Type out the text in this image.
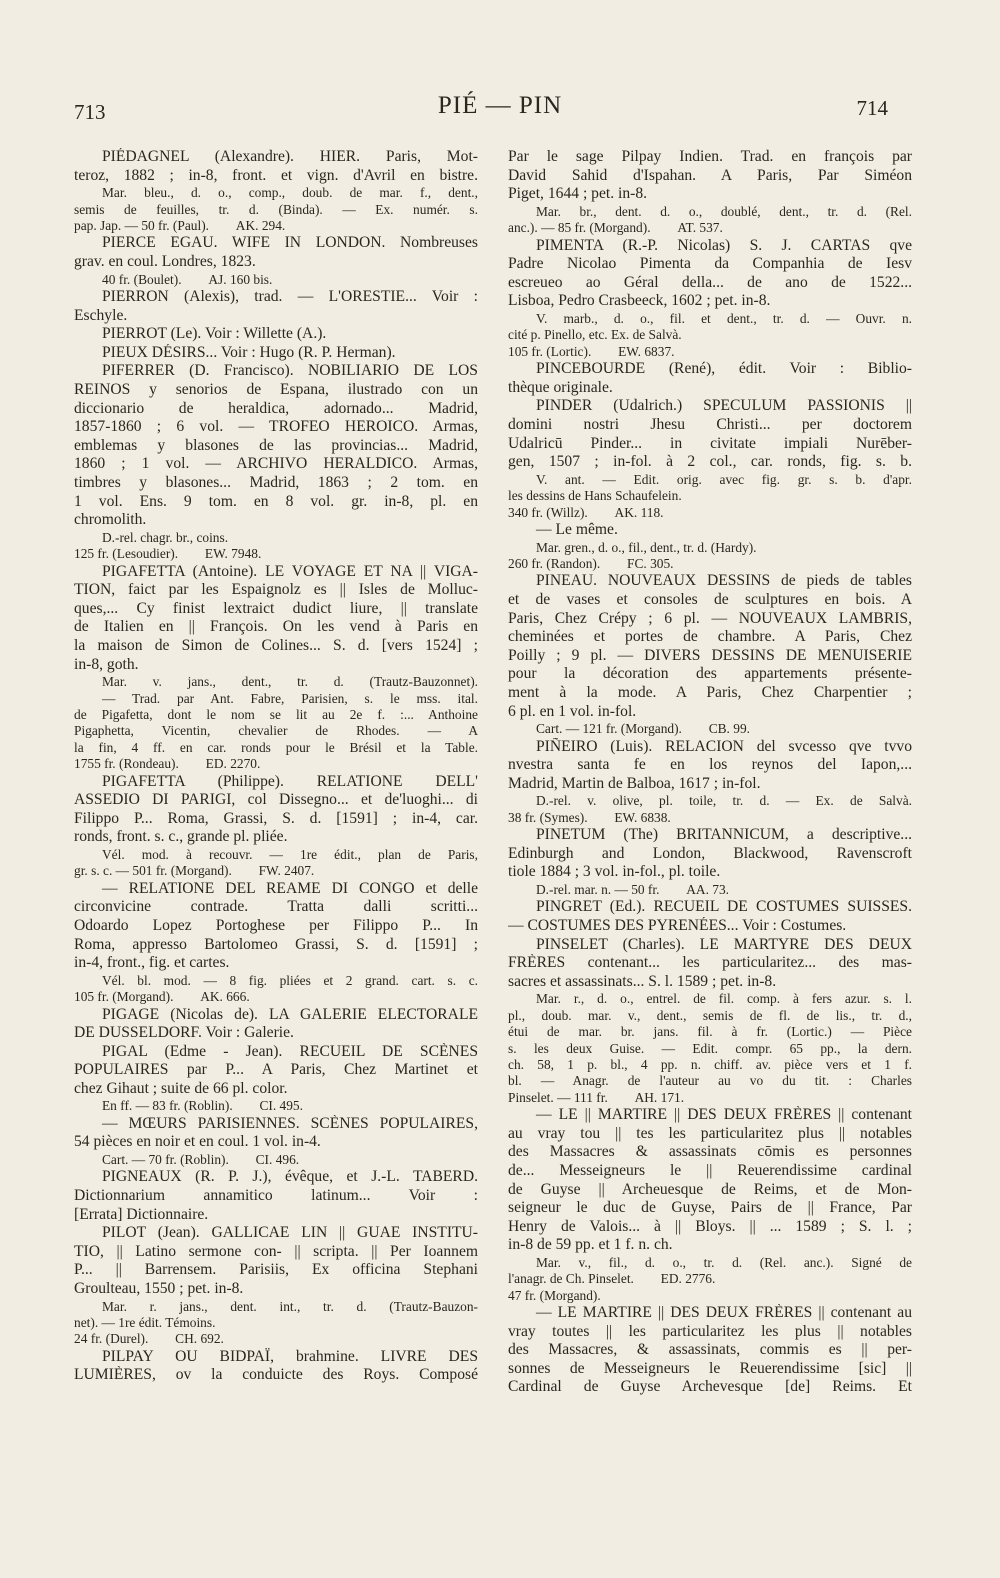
713	PIÉ — PIN	714
PIÉDAGNEL (Alexandre). HIER. Paris, Mot-
teroz, 1882 ; in-8, front. et vign. d'Avril en bistre.
Mar. bleu., d. o., comp., doub. de mar. f., dent.,
semis de feuilles, tr. d. (Binda). — Ex. numér. s.
pap. Jap. — 50 fr. (Paul).  AK. 294.
PIERCE EGAU. WIFE IN LONDON. Nombreuses
grav. en coul. Londres, 1823.
40 fr. (Boulet).  AJ. 160 bis.
PIERRON (Alexis), trad. — L'ORESTIE... Voir :
Eschyle.
PIERROT (Le). Voir : Willette (A.).
PIEUX DÉSIRS... Voir : Hugo (R. P. Herman).
PIFERRER (D. Francisco). NOBILIARIO DE LOS
REINOS y senorios de Espana, ilustrado con un
diccionario de heraldica, adornado... Madrid,
1857-1860 ; 6 vol. — TROFEO HEROICO. Armas,
emblemas y blasones de las provincias... Madrid,
1860 ; 1 vol. — ARCHIVO HERALDICO. Armas,
timbres y blasones... Madrid, 1863 ; 2 tom. en
1 vol. Ens. 9 tom. en 8 vol. gr. in-8, pl. en
chromolith.
D.-rel. chagr. br., coins.
125 fr. (Lesoudier).  EW. 7948.
PIGAFETTA (Antoine). LE VOYAGE ET NA || VIGA-
TION, faict par les Espaignolz es || Isles de Molluc-
ques,... Cy finist lextraict dudict liure, || translate
de Italien en || François. On les vend à Paris en
la maison de Simon de Colines... S. d. [vers 1524] ;
in-8, goth.
Mar. v. jans., dent., tr. d. (Trautz-Bauzonnet).
— Trad. par Ant. Fabre, Parisien, s. le mss. ital.
de Pigafetta, dont le nom se lit au 2e f. :... Anthoine
Pigaphetta, Vicentin, chevalier de Rhodes. — A
la fin, 4 ff. en car. ronds pour le Brésil et la Table.
1755 fr. (Rondeau).  ED. 2270.
PIGAFETTA (Philippe). RELATIONE DELL'
ASSEDIO DI PARIGI, col Dissegno... et de'luoghi... di
Filippo P... Roma, Grassi, S. d. [1591] ; in-4, car.
ronds, front. s. c., grande pl. pliée.
Vél. mod. à recouvr. — 1re édit., plan de Paris,
gr. s. c. — 501 fr. (Morgand).  FW. 2407.
— RELATIONE DEL REAME DI CONGO et delle
circonvicine contrade. Tratta dalli scritti...
Odoardo Lopez Portoghese per Filippo P... In
Roma, appresso Bartolomeo Grassi, S. d. [1591] ;
in-4, front., fig. et cartes.
Vél. bl. mod. — 8 fig. pliées et 2 grand. cart. s. c.
105 fr. (Morgand).  AK. 666.
PIGAGE (Nicolas de). LA GALERIE ELECTORALE
DE DUSSELDORF. Voir : Galerie.
PIGAL (Edme - Jean). RECUEIL DE SCÈNES
POPULAIRES par P... A Paris, Chez Martinet et
chez Gihaut ; suite de 66 pl. color.
En ff. — 83 fr. (Roblin).  CI. 495.
— MŒURS PARISIENNES. SCÈNES POPULAIRES,
54 pièces en noir et en coul. 1 vol. in-4.
Cart. — 70 fr. (Roblin).  CI. 496.
PIGNEAUX (R. P. J.), évêque, et J.-L. TABERD.
Dictionnarium annamitico latinum... Voir :
[Errata] Dictionnaire.
PILOT (Jean). GALLICAE LIN || GUAE INSTITU-
TIO, || Latino sermone con- || scripta. || Per Ioannem
P... || Barrensem. Parisiis, Ex officina Stephani
Groulteau, 1550 ; pet. in-8.
Mar. r. jans., dent. int., tr. d. (Trautz-Bauzon-
net). — 1re édit. Témoins.
24 fr. (Durel).  CH. 692.
PILPAY OU BIDPAÏ, brahmine. LIVRE DES
LUMIÈRES, ov la conduicte des Roys. Composé
Par le sage Pilpay Indien. Trad. en françois par
David Sahid d'Ispahan. A Paris, Par Siméon
Piget, 1644 ; pet. in-8.
Mar. br., dent. d. o., doublé, dent., tr. d. (Rel.
anc.). — 85 fr. (Morgand).  AT. 537.
PIMENTA (R.-P. Nicolas) S. J. CARTAS qve
Padre Nicolao Pimenta da Companhia de Iesv
escreueo ao Géral della... de ano de 1522...
Lisboa, Pedro Crasbeeck, 1602 ; pet. in-8.
V. marb., d. o., fil. et dent., tr. d. — Ouvr. n.
cité p. Pinello, etc. Ex. de Salvà.
105 fr. (Lortic).  EW. 6837.
PINCEBOURDE (René), édit. Voir : Biblio-
thèque originale.
PINDER (Udalrich.) SPECULUM PASSIONIS ||
domini nostri Jhesu Christi... per doctorem
Udalricū Pinder... in civitate impiali Nurēber-
gen, 1507 ; in-fol. à 2 col., car. ronds, fig. s. b.
V. ant. — Edit. orig. avec fig. gr. s. b. d'apr.
les dessins de Hans Schaufelein.
340 fr. (Willz).  AK. 118.
— Le même.
Mar. gren., d. o., fil., dent., tr. d. (Hardy).
260 fr. (Randon).  FC. 305.
PINEAU. NOUVEAUX DESSINS de pieds de tables
et de vases et consoles de sculptures en bois. A
Paris, Chez Crépy ; 6 pl. — NOUVEAUX LAMBRIS,
cheminées et portes de chambre. A Paris, Chez
Poilly ; 9 pl. — DIVERS DESSINS DE MENUISERIE
pour la décoration des appartements présente-
ment à la mode. A Paris, Chez Charpentier ;
6 pl. en 1 vol. in-fol.
Cart. — 121 fr. (Morgand).  CB. 99.
PIÑEIRO (Luis). RELACION del svcesso qve tvvo
nvestra santa fe en los reynos del Iapon,...
Madrid, Martin de Balboa, 1617 ; in-fol.
D.-rel. v. olive, pl. toile, tr. d. — Ex. de Salvà.
38 fr. (Symes).  EW. 6838.
PINETUM (The) BRITANNICUM, a descriptive...
Edinburgh and London, Blackwood, Ravenscroft
tiole 1884 ; 3 vol. in-fol., pl. toile.
D.-rel. mar. n. — 50 fr.  AA. 73.
PINGRET (Ed.). RECUEIL DE COSTUMES SUISSES.
— COSTUMES DES PYRENÉES... Voir : Costumes.
PINSELET (Charles). LE MARTYRE DES DEUX
FRÈRES contenant... les particularitez... des mas-
sacres et assassinats... S. l. 1589 ; pet. in-8.
Mar. r., d. o., entrel. de fil. comp. à fers azur. s. l.
pl., doub. mar. v., dent., semis de fl. de lis., tr. d.,
étui de mar. br. jans. fil. à fr. (Lortic.) — Pièce
s. les deux Guise. — Edit. compr. 65 pp., la dern.
ch. 58, 1 p. bl., 4 pp. n. chiff. av. pièce vers et 1 f.
bl. — Anagr. de l'auteur au vo du tit. : Charles
Pinselet. — 111 fr.  AH. 171.
— LE || MARTIRE || DES DEUX FRÈRES || contenant
au vray tou || tes les particularitez plus || notables
des Massacres & assassinats cōmis es personnes
de... Messeigneurs le || Reuerendissime cardinal
de Guyse || Archeuesque de Reims, et de Mon-
seigneur le duc de Guyse, Pairs de || France, Par
Henry de Valois... à || Bloys. || ... 1589 ; S. l. ;
in-8 de 59 pp. et 1 f. n. ch.
Mar. v., fil., d. o., tr. d. (Rel. anc.). Signé de
l'anagr. de Ch. Pinselet.  ED. 2776.
47 fr. (Morgand).
— LE MARTIRE || DES DEUX FRÈRES || contenant au
vray toutes || les particularitez les plus || notables
des Massacres, & assassinats, commis es || per-
sonnes de Messeigneurs le Reuerendissime [sic] ||
Cardinal de Guyse Archevesque [de] Reims. Et
